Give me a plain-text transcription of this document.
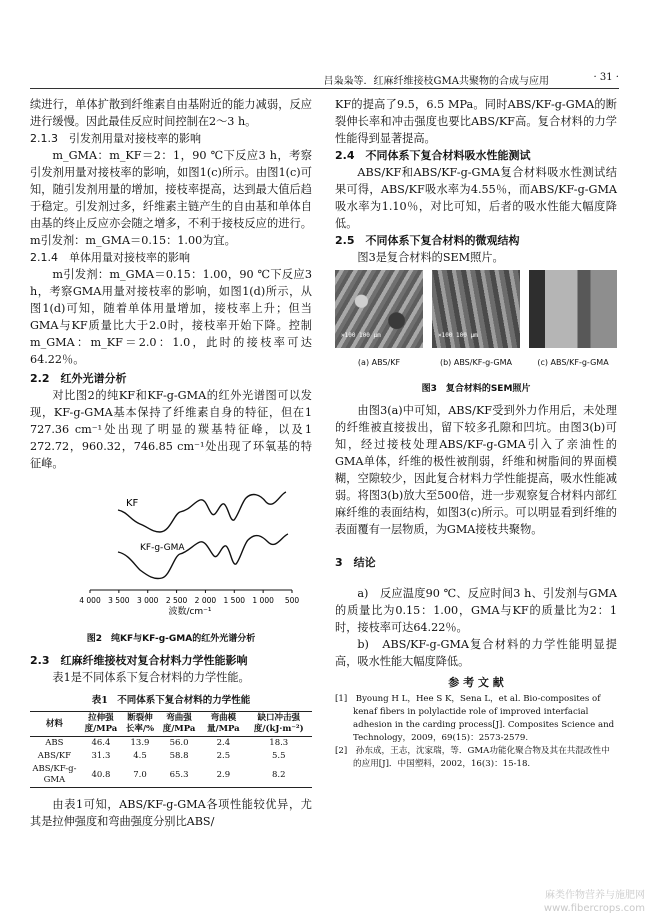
吕枭枭等．红麻纤维接枝GMA共聚物的合成与应用	· 31 ·

续进行，单体扩散到纤维素自由基附近的能力减弱，反应进行缓慢。因此最佳反应时间控制在2～3 h。

2.1.3　引发剂用量对接枝率的影响

m_GMA：m_KF＝2：1，90 ℃下反应3 h，考察引发剂用量对接枝率的影响，如图1(c)所示。由图1(c)可知，随引发剂用量的增加，接枝率提高，达到最大值后趋于稳定。引发剂过多，纤维素主链产生的自由基和单体自由基的终止反应亦会随之增多，不利于接枝反应的进行。m引发剂：m_GMA＝0.15：1.00为宜。

2.1.4　单体用量对接枝率的影响

m引发剂：m_GMA＝0.15：1.00，90 ℃下反应3 h，考察GMA用量对接枝率的影响，如图1(d)所示，从图1(d)可知，随着单体用量增加，接枝率上升；但当GMA与KF质量比大于2.0时，接枝率开始下降。控制m_GMA：m_KF＝2.0：1.0，此时的接枝率可达64.22％。

2.2　红外光谱分析

对比图2的纯KF和KF-g-GMA的红外光谱图可以发现，KF-g-GMA基本保持了纤维素自身的特征，但在1 727.36 cm⁻¹处出现了明显的羰基特征峰，以及1 272.72，960.32，746.85 cm⁻¹处出现了环氧基的特征峰。

KF
KF-g-GMA
4 000 3 500 3 000 2 500 2 000 1 500 1 000 500
波数/cm⁻¹

图2　纯KF与KF-g-GMA的红外光谱分析

2.3　红麻纤维接枝对复合材料力学性能影响

表1是不同体系下复合材料的力学性能。

表1　不同体系下复合材料的力学性能

材料	拉伸强度/MPa	断裂伸长率/%	弯曲强度/MPa	弯曲模量/MPa	缺口冲击强度/(kJ·m⁻²)
ABS	46.4	13.9	56.0	2.4	18.3
ABS/KF	31.3	4.5	58.8	2.5	5.5
ABS/KF-g-GMA	40.8	7.0	65.3	2.9	8.2

由表1可知，ABS/KF-g-GMA各项性能较优异，尤其是拉伸强度和弯曲强度分别比ABS/

KF的提高了9.5，6.5 MPa。同时ABS/KF-g-GMA的断裂伸长率和冲击强度也要比ABS/KF高。复合材料的力学性能得到显著提高。

2.4　不同体系下复合材料吸水性能测试

ABS/KF和ABS/KF-g-GMA复合材料吸水性测试结果可得，ABS/KF吸水率为4.55％，而ABS/KF-g-GMA吸水率为1.10％，对比可知，后者的吸水性能大幅度降低。

2.5　不同体系下复合材料的微观结构

图3是复合材料的SEM照片。

×100 100 μm
(a) ABS/KF
×100 100 μm
(b) ABS/KF-g-GMA	(c) ABS/KF-g-GMA

图3　复合材料的SEM照片

由图3(a)中可知，ABS/KF受到外力作用后，未处理的纤维被直接拔出，留下较多孔隙和凹坑。由图3(b)可知，经过接枝处理ABS/KF-g-GMA引入了亲油性的GMA单体，纤维的极性被削弱，纤维和树脂间的界面模糊，空隙较少，因此复合材料力学性能提高，吸水性能减弱。将图3(b)放大至500倍，进一步观察复合材料内部红麻纤维的表面结构，如图3(c)所示。可以明显看到纤维的表面覆有一层物质，为GMA接枝共聚物。

3　结论

a)　反应温度90 ℃、反应时间3 h、引发剂与GMA的质量比为0.15：1.00，GMA与KF的质量比为2：1时，接枝率可达64.22％。

b)　ABS/KF-g-GMA复合材料的力学性能明显提高，吸水性能大幅度降低。

参 考 文 献

[1]　Byoung H L，Hee S K，Sena L，et al. Bio-composites of kenaf fibers in polylactide role of improved interfacial adhesion in the carding process[J]. Composites Science and Technology，2009，69(15)：2573-2579.

[2]　孙东成，王志，沈家瑞，等．GMA功能化聚合物及其在共混改性中的应用[J]．中国塑料，2002，16(3)：15-18.

麻类作物营养与施肥网
www.fibercrops.com
